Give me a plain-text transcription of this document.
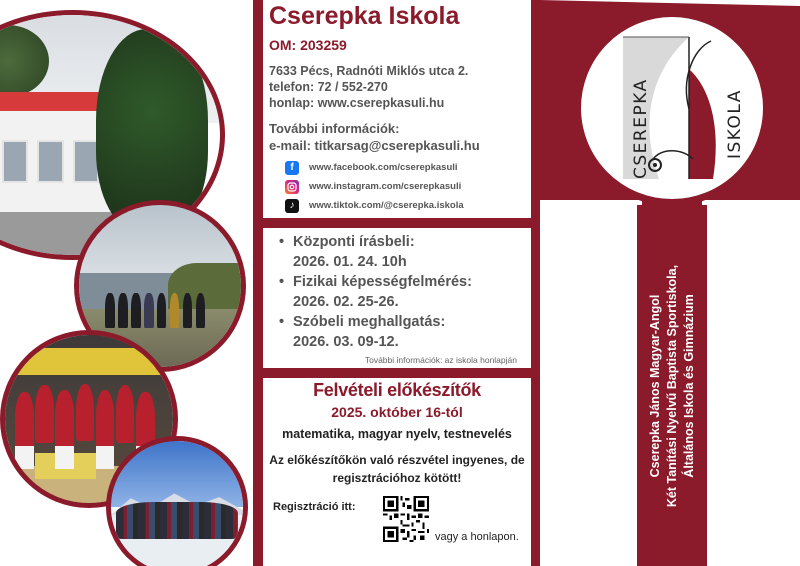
Cserepka Iskola
OM: 203259
7633 Pécs, Radnóti Miklós utca 2.
telefon: 72 / 552-270
honlap: www.cserepkasuli.hu
További információk:
e-mail: titkarsag@cserepkasuli.hu
f	www.facebook.com/cserepkasuli
www.instagram.com/cserepkasuli
♪	www.tiktok.com/@cserepka.iskola
• Központi írásbeli:
2026. 01. 24. 10h
• Fizikai képességfelmérés:
2026. 02. 25-26.
• Szóbeli meghallgatás:
2026. 03. 09-12.
További információk: az iskola honlapján
Felvételi előkészítők
2025. október 16-tól
matematika, magyar nyelv, testnevelés
Az előkészítőkön való részvétel ingyenes, de
regisztrációhoz kötött!
Regisztráció itt:
vagy a honlapon.
CSEREPKA	ISKOLA
Cserepka János Magyar-Angol Két Tanítási Nyelvű Baptista Sportiskola, Általános Iskola és Gimnázium
